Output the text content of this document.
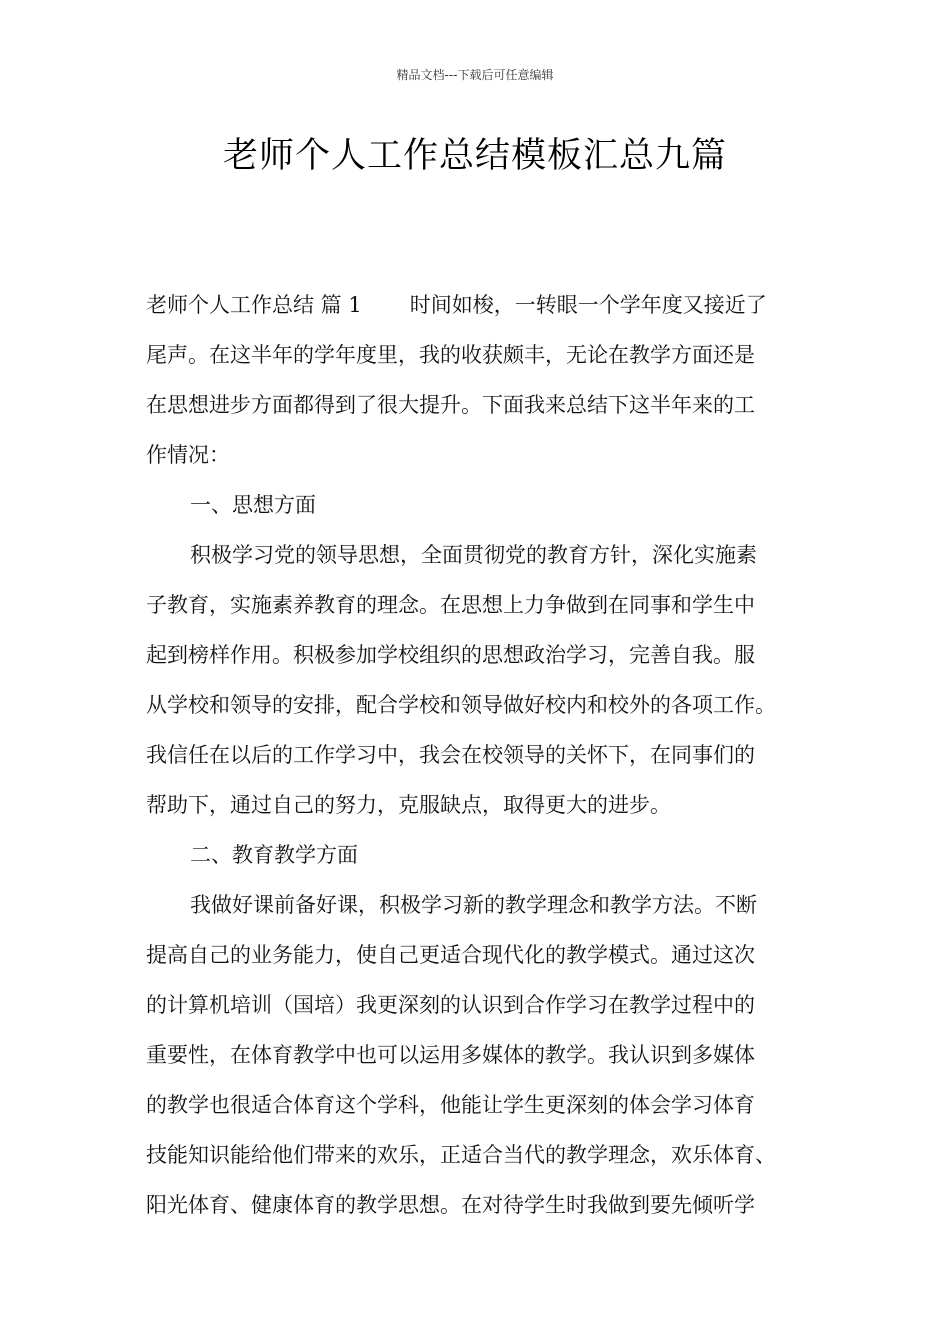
精品文档---下载后可任意编辑
老师个人工作总结模板汇总九篇

老师个人工作总结 篇 1 时间如梭，一转眼一个学年度又接近了

尾声。在这半年的学年度里，我的收获颇丰，无论在教学方面还是

在思想进步方面都得到了很大提升。下面我来总结下这半年来的工

作情况：

一、思想方面

积极学习党的领导思想，全面贯彻党的教育方针，深化实施素

子教育，实施素养教育的理念。在思想上力争做到在同事和学生中

起到榜样作用。积极参加学校组织的思想政治学习，完善自我。服

从学校和领导的安排，配合学校和领导做好校内和校外的各项工作。

我信任在以后的工作学习中，我会在校领导的关怀下，在同事们的

帮助下，通过自己的努力，克服缺点，取得更大的进步。

二、教育教学方面

我做好课前备好课，积极学习新的教学理念和教学方法。不断

提高自己的业务能力，使自己更适合现代化的教学模式。通过这次

的计算机培训（国培）我更深刻的认识到合作学习在教学过程中的

重要性，在体育教学中也可以运用多媒体的教学。我认识到多媒体

的教学也很适合体育这个学科，他能让学生更深刻的体会学习体育

技能知识能给他们带来的欢乐，正适合当代的教学理念，欢乐体育、

阳光体育、健康体育的教学思想。在对待学生时我做到要先倾听学
